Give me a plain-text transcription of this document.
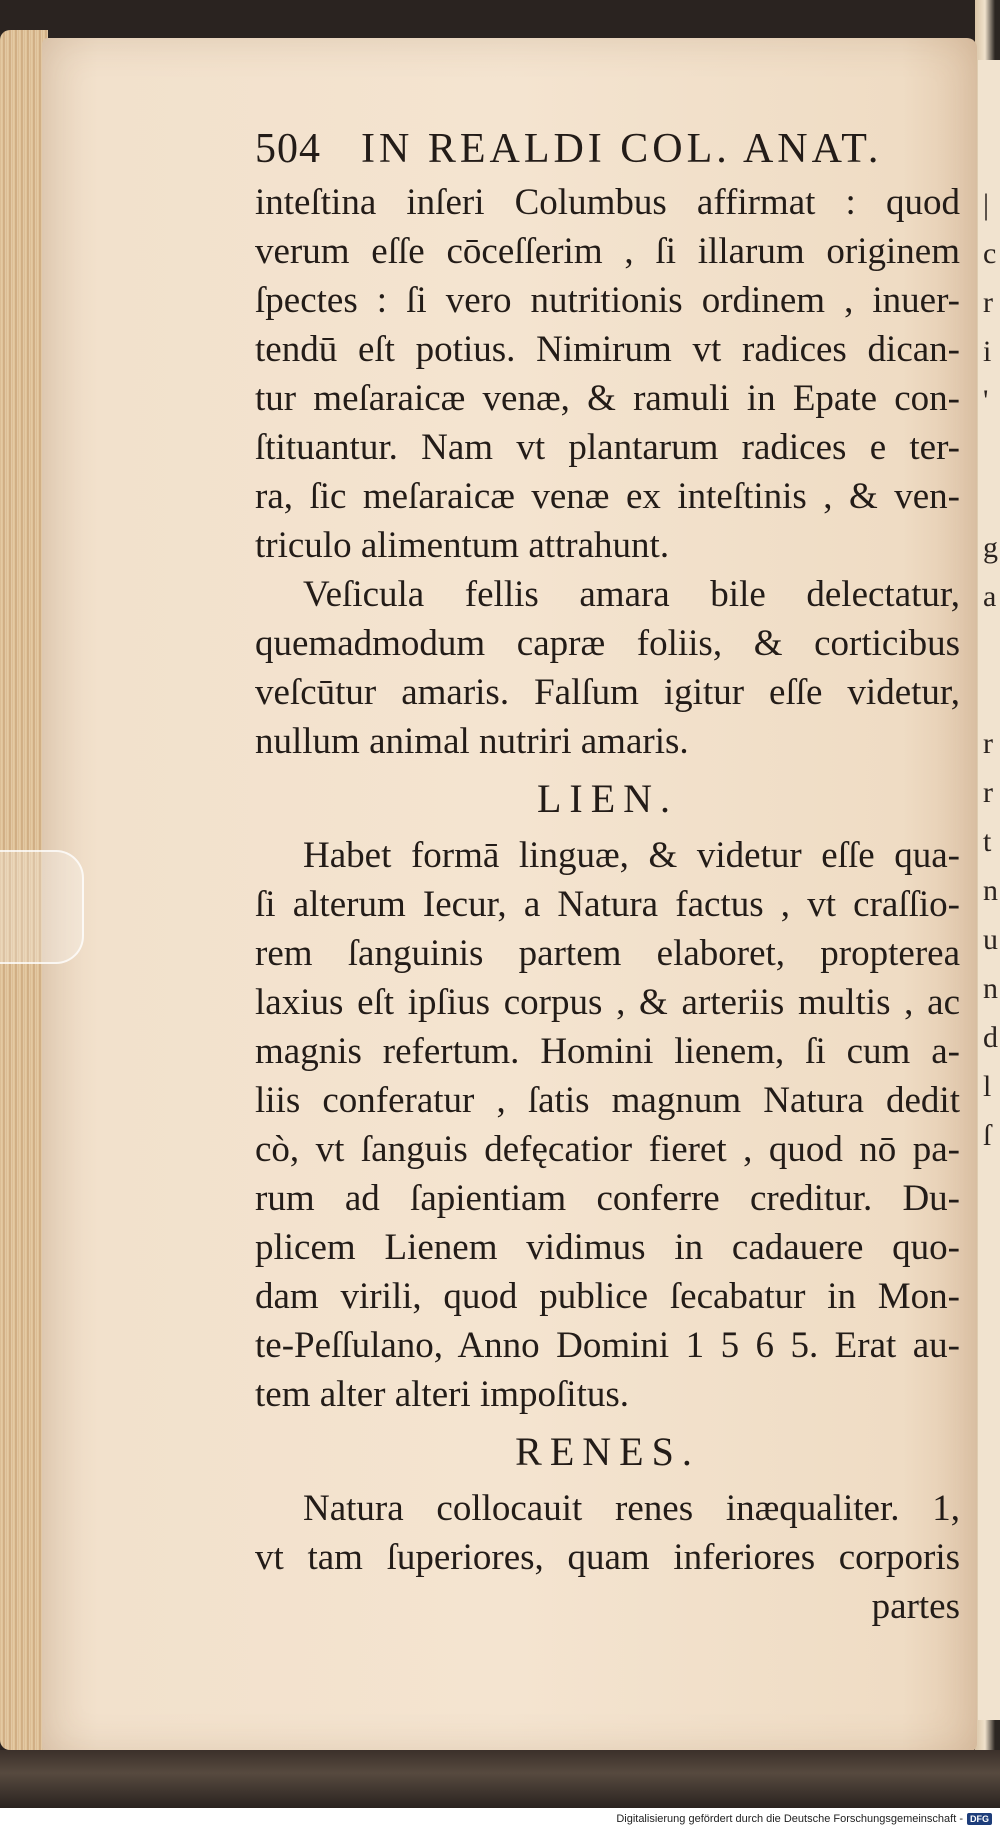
504 IN REALDI COL. ANAT.
inteſtina inſeri Columbus affirmat : quod
verum eſſe cōceſſerim , ſi illarum originem
ſpectes : ſi vero nutritionis ordinem , inuer-
tendū eſt potius. Nimirum vt radices dican-
tur meſaraicæ venæ, & ramuli in Epate con-
ſtituantur. Nam vt plantarum radices e ter-
ra, ſic meſaraicæ venæ ex inteſtinis , & ven-
triculo alimentum attrahunt.
Veſicula fellis amara bile delectatur,
quemadmodum capræ foliis, & corticibus
veſcūtur amaris. Falſum igitur eſſe videtur,
nullum animal nutriri amaris.
LIEN.
Habet formā linguæ, & videtur eſſe qua-
ſi alterum Iecur, a Natura factus , vt craſſio-
rem ſanguinis partem elaboret, propterea
laxius eſt ipſius corpus , & arteriis multis , ac
magnis refertum. Homini lienem, ſi cum a-
liis conferatur , ſatis magnum Natura dedit
cò, vt ſanguis defęcatior fieret , quod nō pa-
rum ad ſapientiam conferre creditur. Du-
plicem Lienem vidimus in cadauere quo-
dam virili, quod publice ſecabatur in Mon-
te-Peſſulano, Anno Domini 1 5 6 5. Erat au-
tem alter alteri impoſitus.
RENES.
Natura collocauit renes inæqualiter. 1,
vt tam ſuperiores, quam inferiores corporis
partes
|
c
r
i
'

g
a

r
r
t
n
u
n
d
l
ſ
Digitalisierung gefördert durch die Deutsche Forschungsgemeinschaft - DFG
